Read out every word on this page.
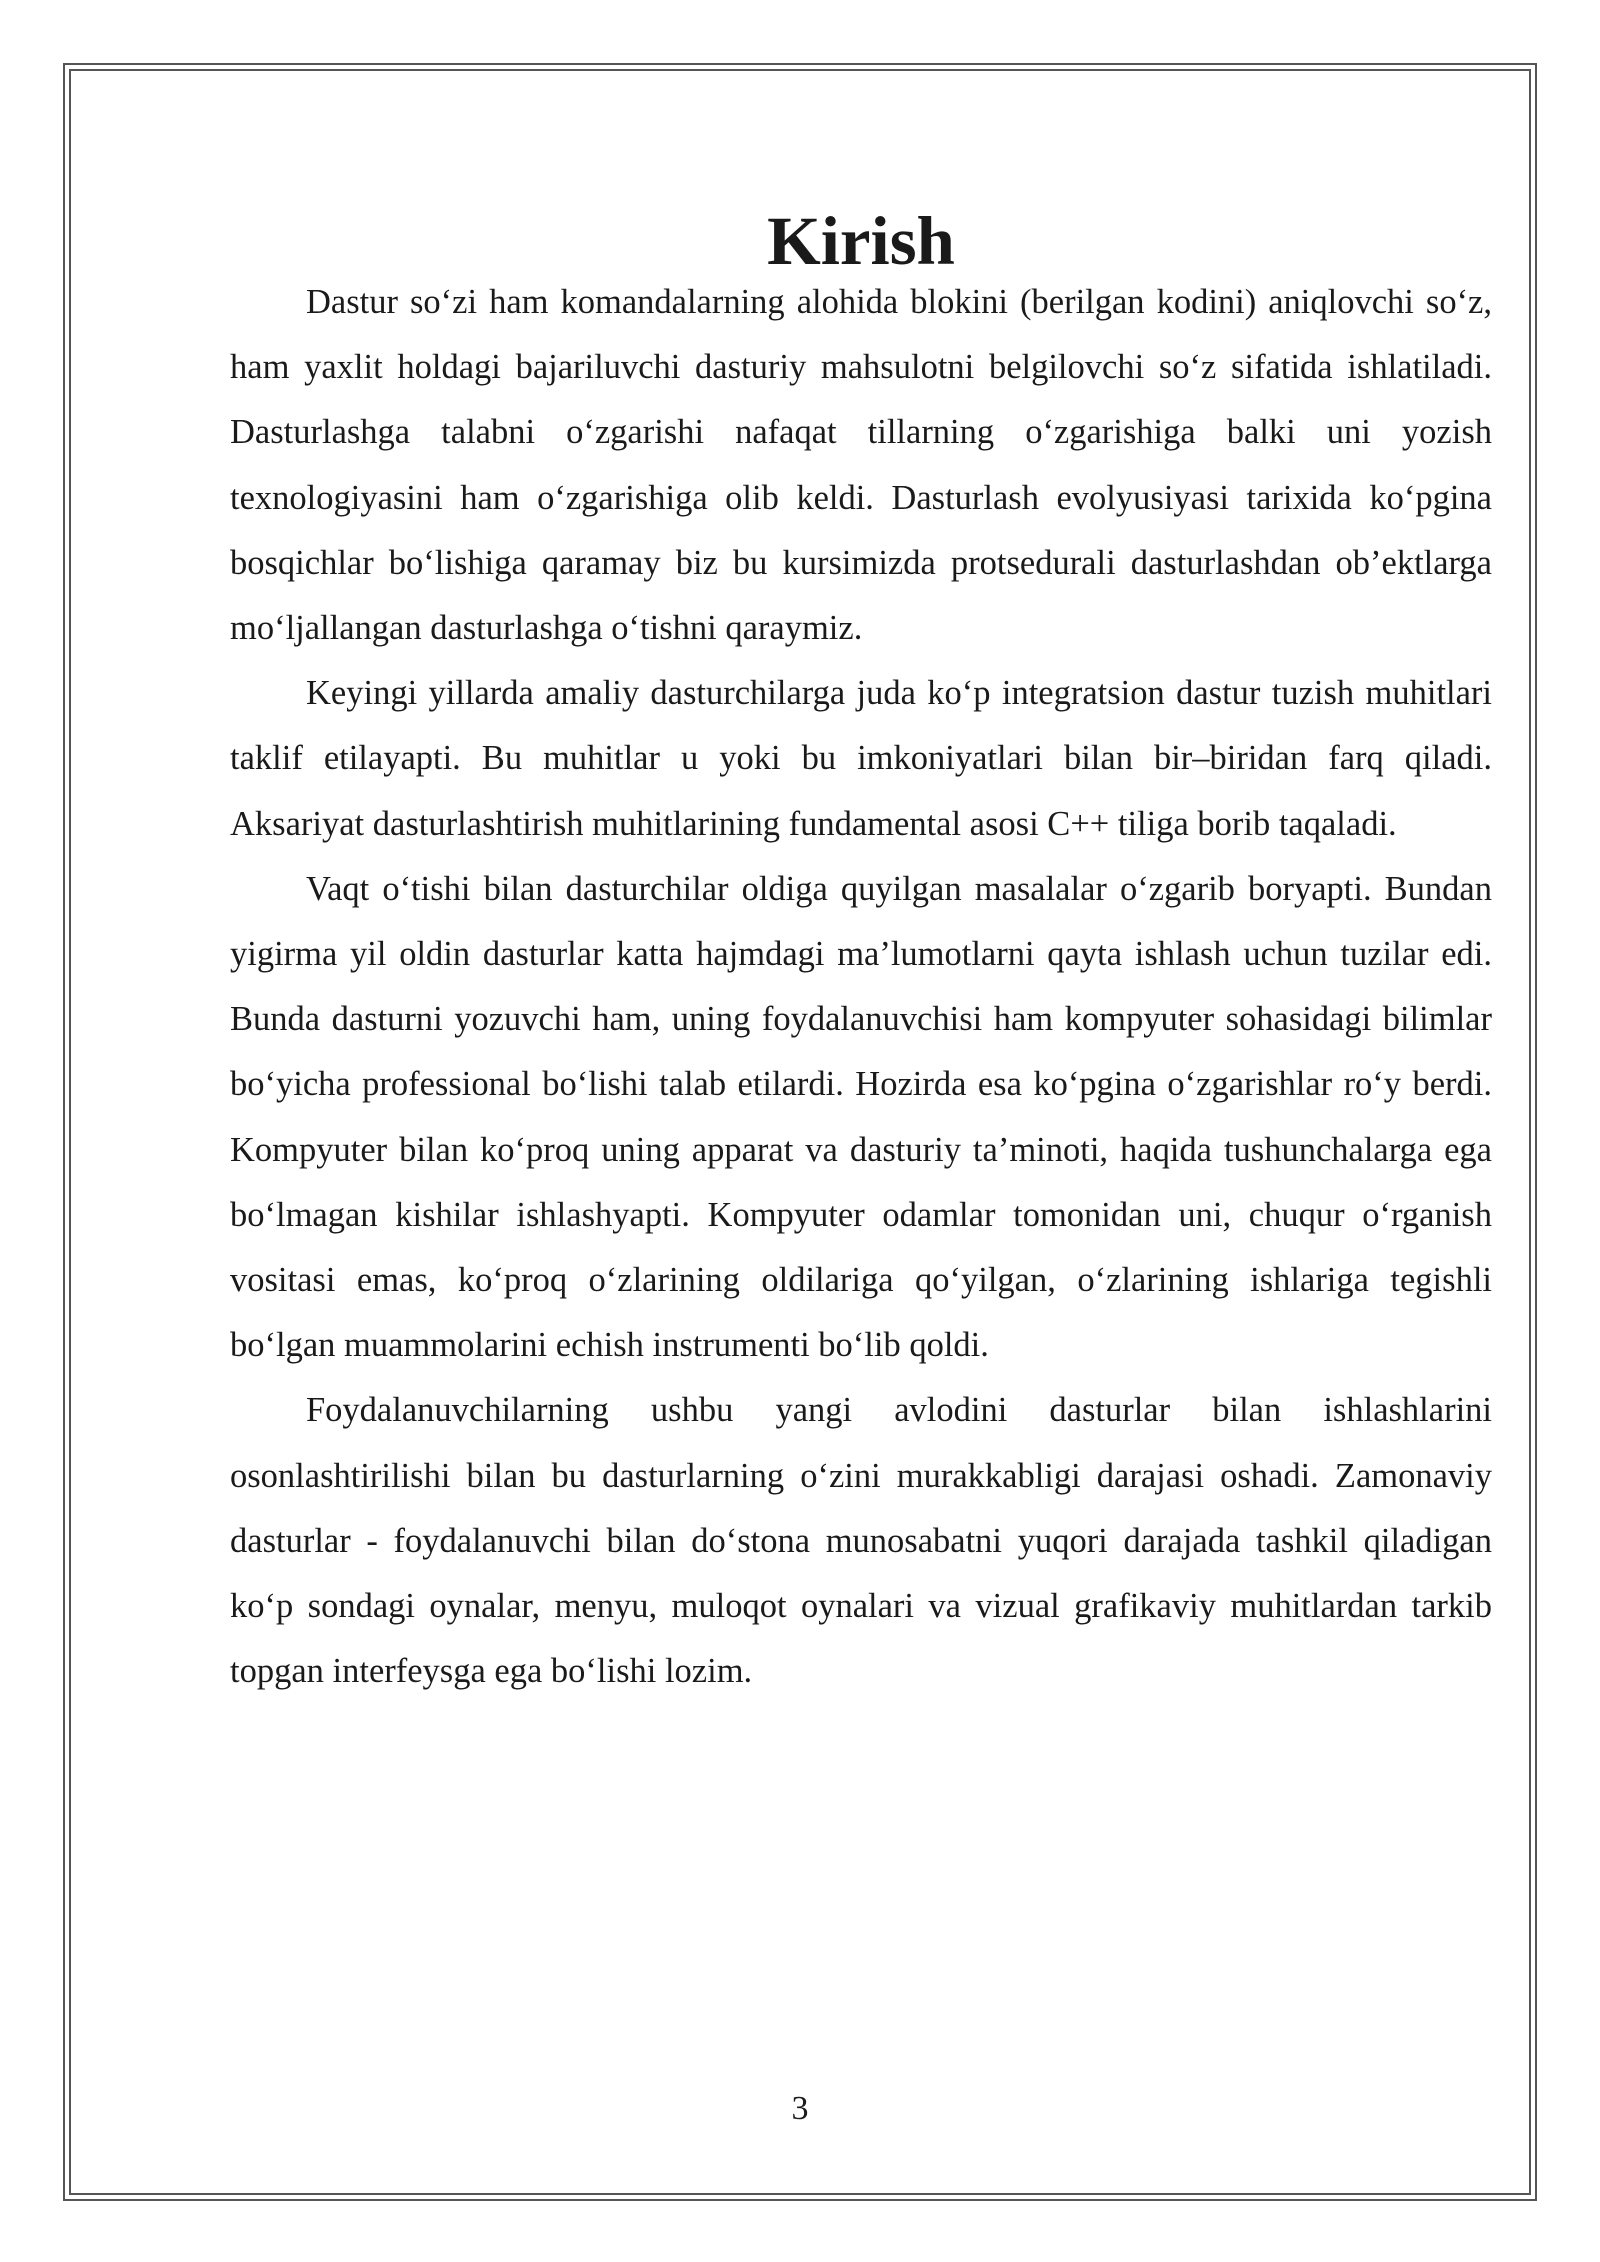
Kirish

Dastur so‘zi ham komandalarning alohida blokini (berilgan kodini) aniqlovchi so‘z, ham yaxlit holdagi bajariluvchi dasturiy mahsulotni belgilovchi so‘z sifatida ishlatiladi. Dasturlashga talabni o‘zgarishi nafaqat tillarning o‘zgarishiga balki uni yozish texnologiyasini ham o‘zgarishiga olib keldi. Dasturlash evolyusiyasi tarixida ko‘pgina bosqichlar bo‘lishiga qaramay biz bu kursimizda protsedurali dasturlashdan ob’ektlarga mo‘ljallangan dasturlashga o‘tishni qaraymiz.

Keyingi yillarda amaliy dasturchilarga juda ko‘p integratsion dastur tuzish muhitlari taklif etilayapti. Bu muhitlar u yoki bu imkoniyatlari bilan bir–biridan farq qiladi. Aksariyat dasturlashtirish muhitlarining fundamental asosi C++ tiliga borib taqaladi.

Vaqt o‘tishi bilan dasturchilar oldiga quyilgan masalalar o‘zgarib boryapti. Bundan yigirma yil oldin dasturlar katta hajmdagi ma’lumotlarni qayta ishlash uchun tuzilar edi. Bunda dasturni yozuvchi ham, uning foydalanuvchisi ham kompyuter sohasidagi bilimlar bo‘yicha professional bo‘lishi talab etilardi. Hozirda esa ko‘pgina o‘zgarishlar ro‘y berdi. Kompyuter bilan ko‘proq uning apparat va dasturiy ta’minoti, haqida tushunchalarga ega bo‘lmagan kishilar ishlashyapti. Kompyuter odamlar tomonidan uni, chuqur o‘rganish vositasi emas, ko‘proq o‘zlarining oldilariga qo‘yilgan, o‘zlarining ishlariga tegishli bo‘lgan muammolarini echish instrumenti bo‘lib qoldi.

Foydalanuvchilarning ushbu yangi avlodini dasturlar bilan ishlashlarini osonlashtirilishi bilan bu dasturlarning o‘zini murakkabligi darajasi oshadi. Zamonaviy dasturlar - foydalanuvchi bilan do‘stona munosabatni yuqori darajada tashkil qiladigan ko‘p sondagi oynalar, menyu, muloqot oynalari va vizual grafikaviy muhitlardan tarkib topgan interfeysga ega bo‘lishi lozim.

3
